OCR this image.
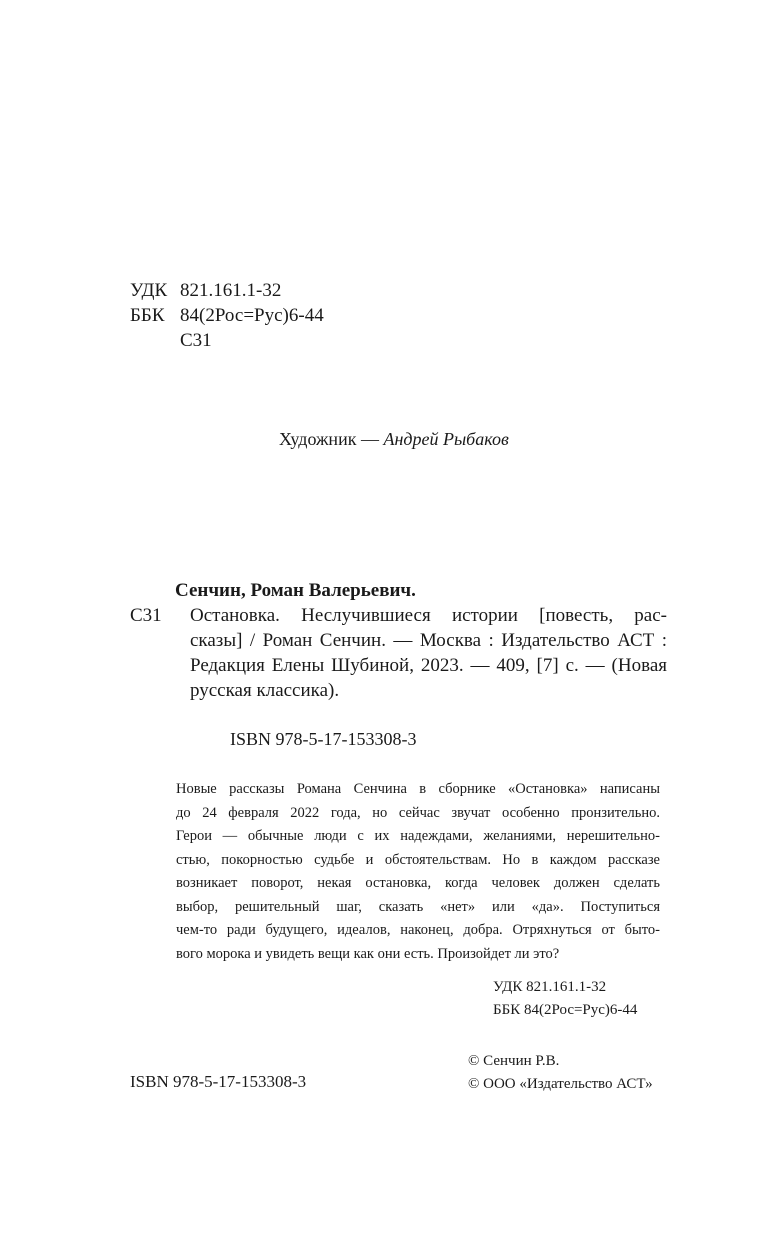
УДК 821.161.1-32
ББК 84(2Рос=Рус)6-44
С31
Художник — Андрей Рыбаков
Сенчин, Роман Валерьевич.
С31	Остановка. Неслучившиеся истории [повесть, рас-
сказы] / Роман Сенчин. — Москва : Издательство АСТ :
Редакция Елены Шубиной, 2023. — 409, [7] с. — (Новая
русская классика).
ISBN 978-5-17-153308-3
Новые рассказы Романа Сенчина в сборнике «Остановка» написаны
до 24 февраля 2022 года, но сейчас звучат особенно пронзительно.
Герои — обычные люди с их надеждами, желаниями, нерешительно-
стью, покорностью судьбе и обстоятельствам. Но в каждом рассказе
возникает поворот, некая остановка, когда человек должен сделать
выбор, решительный шаг, сказать «нет» или «да». Поступиться
чем-то ради будущего, идеалов, наконец, добра. Отряхнуться от быто-
вого морока и увидеть вещи как они есть. Произойдет ли это?
УДК 821.161.1-32
ББК 84(2Рос=Рус)6-44
© Сенчин Р.В.
© ООО «Издательство АСТ»
ISBN 978-5-17-153308-3
